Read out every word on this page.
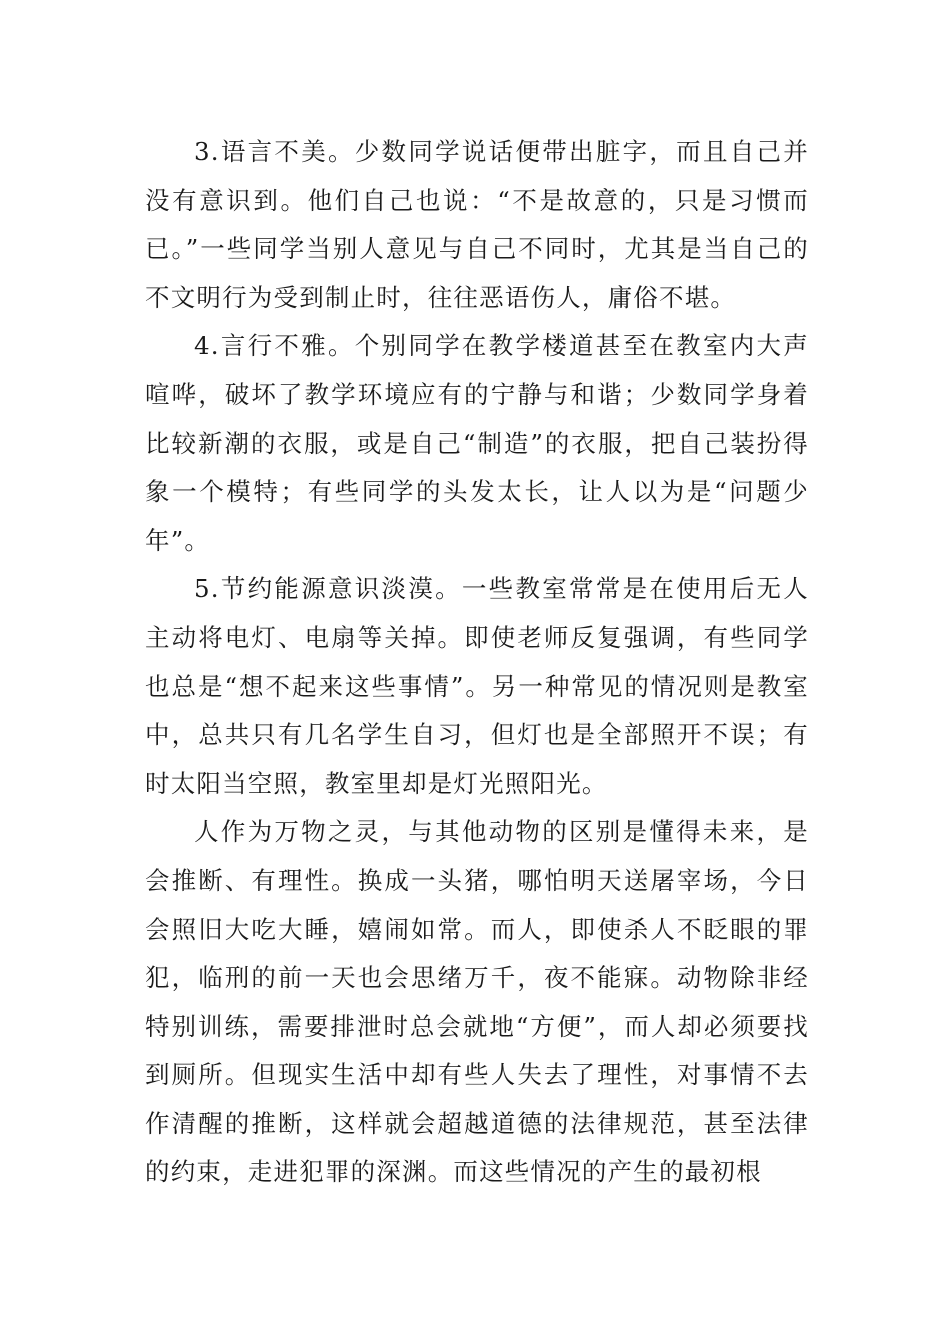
3.语言不美。少数同学说话便带出脏字，而且自己并没有意识到。他们自己也说：“不是故意的，只是习惯而已。”一些同学当别人意见与自己不同时，尤其是当自己的不文明行为受到制止时，往往恶语伤人，庸俗不堪。

4.言行不雅。个别同学在教学楼道甚至在教室内大声喧哗，破坏了教学环境应有的宁静与和谐；少数同学身着比较新潮的衣服，或是自己“制造”的衣服，把自己装扮得象一个模特；有些同学的头发太长，让人以为是“问题少年”。

5.节约能源意识淡漠。一些教室常常是在使用后无人主动将电灯、电扇等关掉。即使老师反复强调，有些同学也总是“想不起来这些事情”。另一种常见的情况则是教室中，总共只有几名学生自习，但灯也是全部照开不误；有时太阳当空照，教室里却是灯光照阳光。

人作为万物之灵，与其他动物的区别是懂得未来，是会推断、有理性。换成一头猪，哪怕明天送屠宰场，今日会照旧大吃大睡，嬉闹如常。而人，即使杀人不眨眼的罪犯，临刑的前一天也会思绪万千，夜不能寐。动物除非经特别训练，需要排泄时总会就地“方便”，而人却必须要找到厕所。但现实生活中却有些人失去了理性，对事情不去作清醒的推断，这样就会超越道德的法律规范，甚至法律的约束，走进犯罪的深渊。而这些情况的产生的最初根
